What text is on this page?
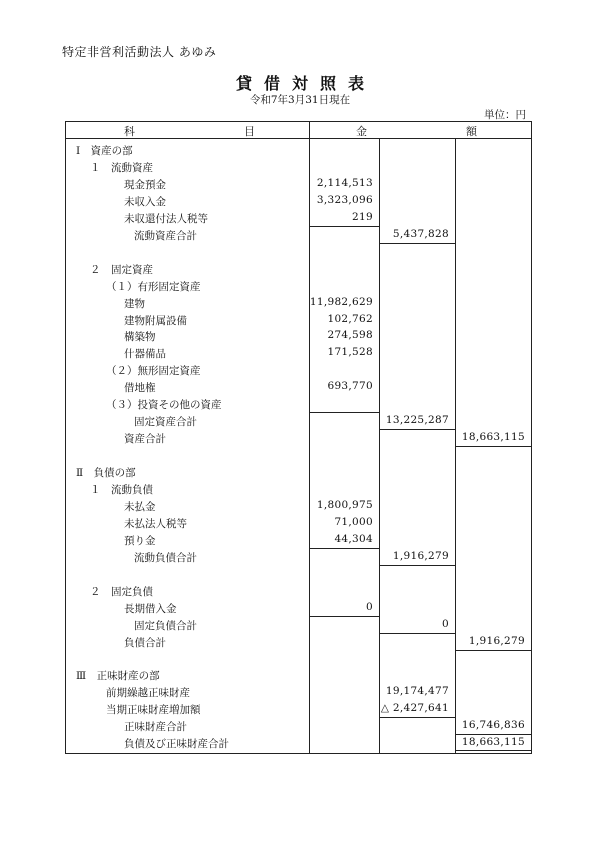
特定非営利活動法人 あゆみ
貸借対照表
令和7年3月31日現在
単位：円
科	目	金	額
Ⅰ　資産の部
１　流動資産
現金預金	2,114,513
未収入金	3,323,096
未収還付法人税等	219
流動資産合計	5,437,828
２　固定資産
（１）有形固定資産
建物	11,982,629
建物附属設備	102,762
構築物	274,598
什器備品	171,528
（２）無形固定資産
借地権	693,770
（３）投資その他の資産
固定資産合計	13,225,287
資産合計	18,663,115
Ⅱ　負債の部
１　流動負債
未払金	1,800,975
未払法人税等	71,000
預り金	44,304
流動負債合計	1,916,279
２　固定負債
長期借入金	0
固定負債合計	0
負債合計	1,916,279
Ⅲ　正味財産の部
前期繰越正味財産	19,174,477
当期正味財産増加額	△ 2,427,641
正味財産合計	16,746,836
負債及び正味財産合計	18,663,115
